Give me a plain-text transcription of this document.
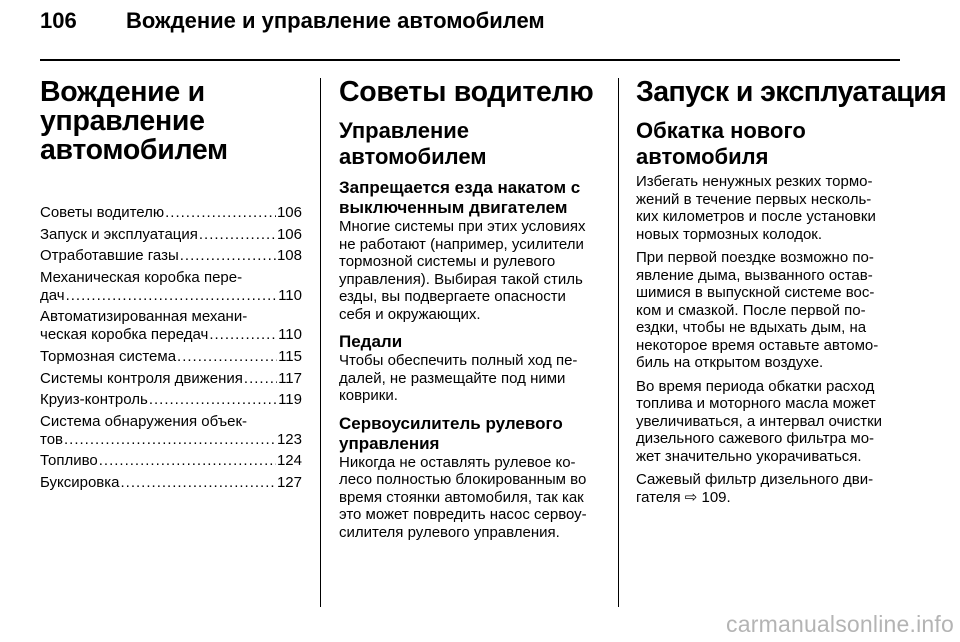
106 Вождение и управление автомобилем
Вождение и
управление
автомобилем
Советы водителю .....	106
Запуск и эксплуатация .....	106
Отработавшие газы .....	108
Механическая коробка пере-
дач .....	110
Автоматизированная механи-
ческая коробка передач .....	110
Тормозная система .....	115
Системы контроля движения ..... 117
Круиз-контроль .....	119
Система обнаружения объек-
тов .....	123
Топливо .....	124
Буксировка .....	127
Советы водителю
Управление
автомобилем
Запрещается езда накатом с
выключенным двигателем
Многие системы при этих условиях
не работают (например, усилители
тормозной системы и рулевого
управления). Выбирая такой стиль
езды, вы подвергаете опасности
себя и окружающих.
Педали
Чтобы обеспечить полный ход пе-
далей, не размещайте под ними
коврики.
Сервоусилитель рулевого
управления
Никогда не оставлять рулевое ко-
лесо полностью блокированным во
время стоянки автомобиля, так как
это может повредить насос сервоу-
силителя рулевого управления.
Запуск и эксплуатация
Обкатка нового
автомобиля
Избегать ненужных резких тормо-
жений в течение первых несколь-
ких километров и после установки
новых тормозных колодок.
При первой поездке возможно по-
явление дыма, вызванного остав-
шимися в выпускной системе вос-
ком и смазкой. После первой по-
ездки, чтобы не вдыхать дым, на
некоторое время оставьте автомо-
биль на открытом воздухе.
Во время периода обкатки расход
топлива и моторного масла может
увеличиваться, а интервал очистки
дизельного сажевого фильтра мо-
жет значительно укорачиваться.
Сажевый фильтр дизельного дви-
гателя ⇨ 109.
carmanualsonline.info
